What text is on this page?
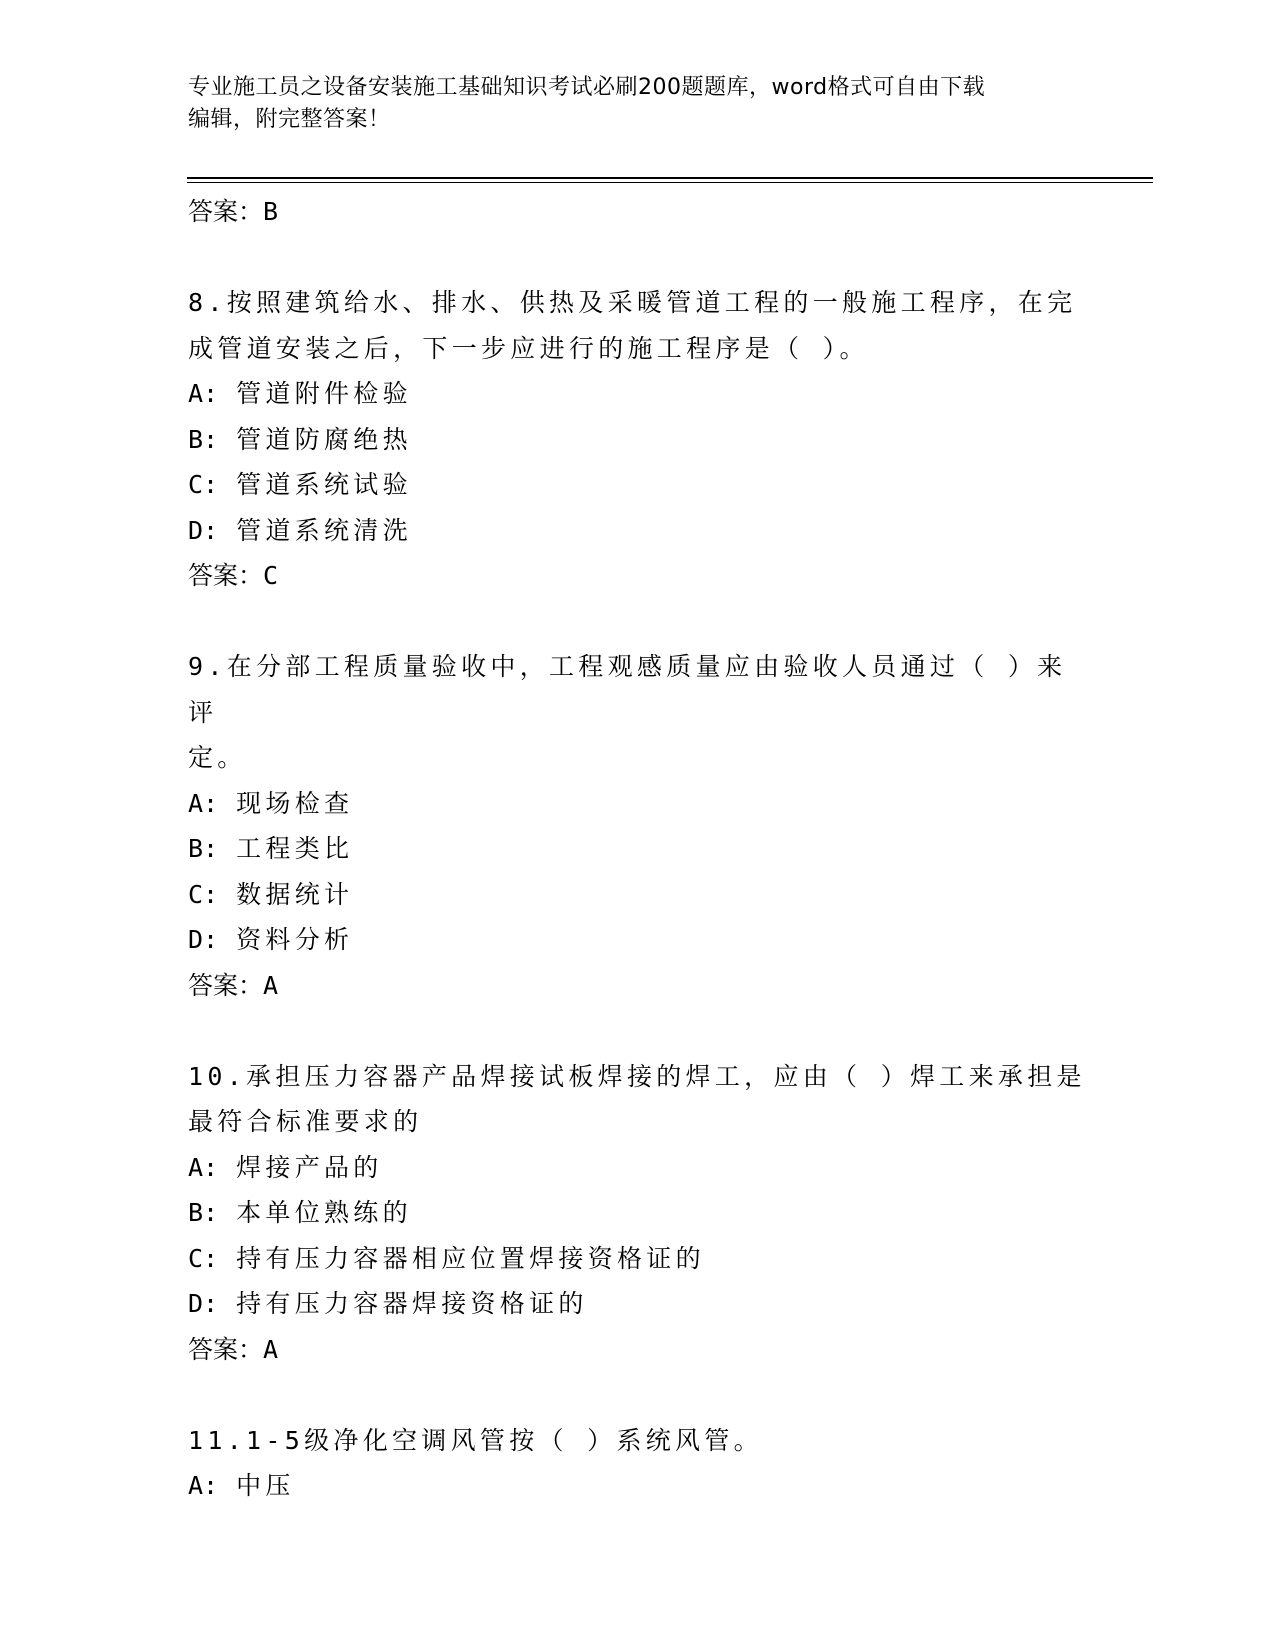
专业施工员之设备安装施工基础知识考试必刷200题题库，word格式可自由下载
编辑，附完整答案！
答案：B
8.按照建筑给水、排水、供热及采暖管道工程的一般施工程序，在完
成管道安装之后，下一步应进行的施工程序是（ ）。
A: 管道附件检验
B: 管道防腐绝热
C: 管道系统试验
D: 管道系统清洗
答案：C
9.在分部工程质量验收中，工程观感质量应由验收人员通过（ ）来评
定。
A: 现场检查
B: 工程类比
C: 数据统计
D: 资料分析
答案：A
10.承担压力容器产品焊接试板焊接的焊工，应由（ ）焊工来承担是
最符合标准要求的
A: 焊接产品的
B: 本单位熟练的
C: 持有压力容器相应位置焊接资格证的
D: 持有压力容器焊接资格证的
答案：A
11.1-5级净化空调风管按（ ）系统风管。
A: 中压
